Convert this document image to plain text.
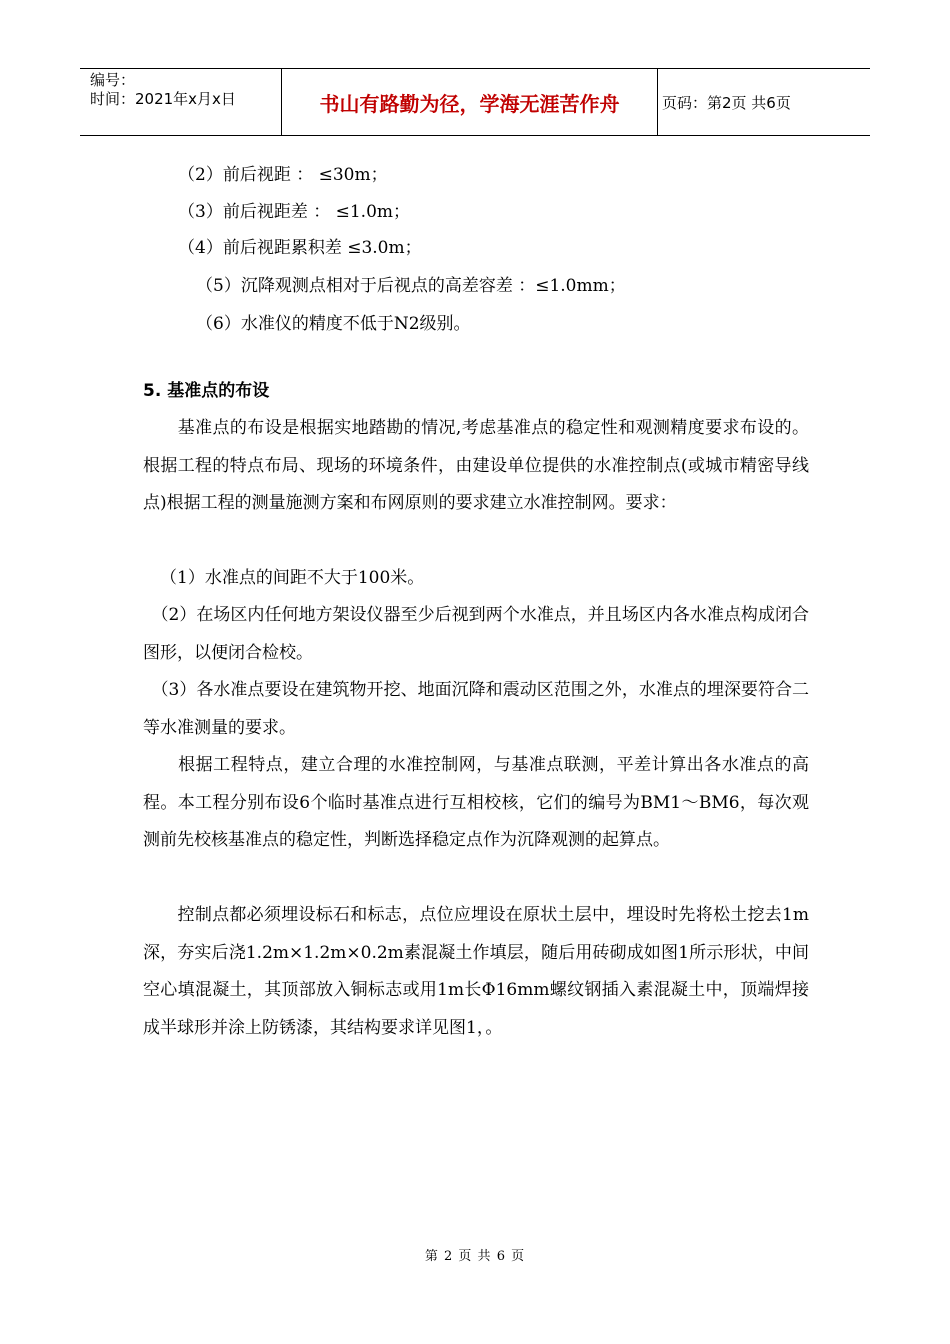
编号：
时间：2021年x月x日	书山有路勤为径，学海无涯苦作舟	页码：第2页 共6页
（2）前后视距 ： ≤30m；
（3）前后视距差 ： ≤1.0m；
（4）前后视距累积差 ≤3.0m；
（5）沉降观测点相对于后视点的高差容差 ：≤1.0mm；
（6）水准仪的精度不低于N2级别。
5. 基准点的布设
　　基准点的布设是根据实地踏勘的情况,考虑基准点的稳定性和观测精度要求布设的。根据工程的特点布局、现场的环境条件，由建设单位提供的水准控制点(或城市精密导线点)根据工程的测量施测方案和布网原则的要求建立水准控制网。要求：
（1）水准点的间距不大于100米。
　（2）在场区内任何地方架设仪器至少后视到两个水准点，并且场区内各水准点构成闭合图形，以便闭合检校。
　（3）各水准点要设在建筑物开挖、地面沉降和震动区范围之外，水准点的埋深要符合二等水准测量的要求。
　　根据工程特点，建立合理的水准控制网，与基准点联测，平差计算出各水准点的高程。本工程分别布设6个临时基准点进行互相校核，它们的编号为BM1～BM6，每次观测前先校核基准点的稳定性，判断选择稳定点作为沉降观测的起算点。
　　控制点都必须埋设标石和标志，点位应埋设在原状土层中，埋设时先将松土挖去1m深，夯实后浇1.2m×1.2m×0.2m素混凝土作填层，随后用砖砌成如图1所示形状，中间空心填混凝土，其顶部放入铜标志或用1m长Φ16mm螺纹钢插入素混凝土中，顶端焊接成半球形并涂上防锈漆，其结构要求详见图1，。
第 2 页 共 6 页
